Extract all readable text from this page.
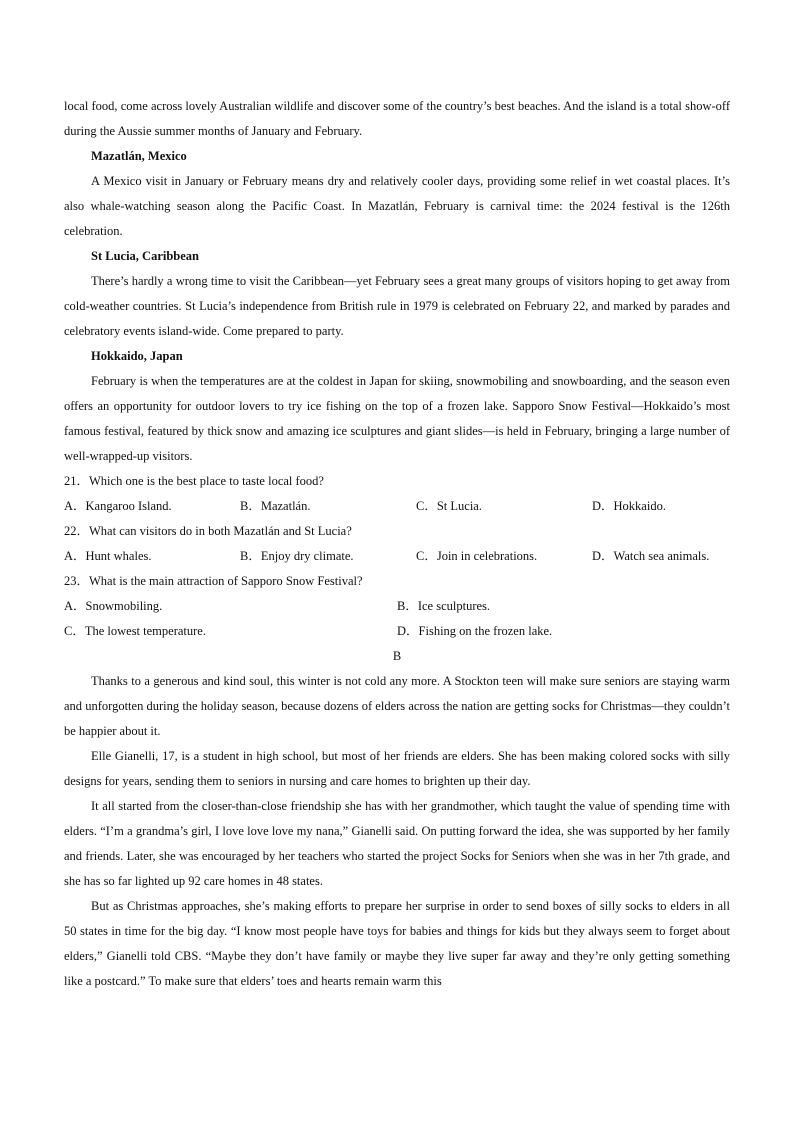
local food, come across lovely Australian wildlife and discover some of the country’s best beaches. And the island is a total show-off during the Aussie summer months of January and February.

Mazatlán, Mexico

A Mexico visit in January or February means dry and relatively cooler days, providing some relief in wet coastal places. It’s also whale-watching season along the Pacific Coast. In Mazatlán, February is carnival time: the 2024 festival is the 126th celebration.

St Lucia, Caribbean

There’s hardly a wrong time to visit the Caribbean—yet February sees a great many groups of visitors hoping to get away from cold-weather countries. St Lucia’s independence from British rule in 1979 is celebrated on February 22, and marked by parades and celebratory events island-wide. Come prepared to party.

Hokkaido, Japan

February is when the temperatures are at the coldest in Japan for skiing, snowmobiling and snowboarding, and the season even offers an opportunity for outdoor lovers to try ice fishing on the top of a frozen lake. Sapporo Snow Festival—Hokkaido’s most famous festival, featured by thick snow and amazing ice sculptures and giant slides—is held in February, bringing a large number of well-wrapped-up visitors.

21．Which one is the best place to taste local food?

A．Kangaroo Island.	B．Mazatlán.	C．St Lucia.	D．Hokkaido.

22．What can visitors do in both Mazatlán and St Lucia?

A．Hunt whales.	B．Enjoy dry climate.	C．Join in celebrations.	D．Watch sea animals.

23．What is the main attraction of Sapporo Snow Festival?

A．Snowmobiling.	B．Ice sculptures.
C．The lowest temperature.	D．Fishing on the frozen lake.

B

Thanks to a generous and kind soul, this winter is not cold any more. A Stockton teen will make sure seniors are staying warm and unforgotten during the holiday season, because dozens of elders across the nation are getting socks for Christmas—they couldn’t be happier about it.

Elle Gianelli, 17, is a student in high school, but most of her friends are elders. She has been making colored socks with silly designs for years, sending them to seniors in nursing and care homes to brighten up their day.

It all started from the closer-than-close friendship she has with her grandmother, which taught the value of spending time with elders. “I’m a grandma’s girl, I love love love my nana,” Gianelli said. On putting forward the idea, she was supported by her family and friends. Later, she was encouraged by her teachers who started the project Socks for Seniors when she was in her 7th grade, and she has so far lighted up 92 care homes in 48 states.

But as Christmas approaches, she’s making efforts to prepare her surprise in order to send boxes of silly socks to elders in all 50 states in time for the big day. “I know most people have toys for babies and things for kids but they always seem to forget about elders,” Gianelli told CBS. “Maybe they don’t have family or maybe they live super far away and they’re only getting something like a postcard.” To make sure that elders’ toes and hearts remain warm this
